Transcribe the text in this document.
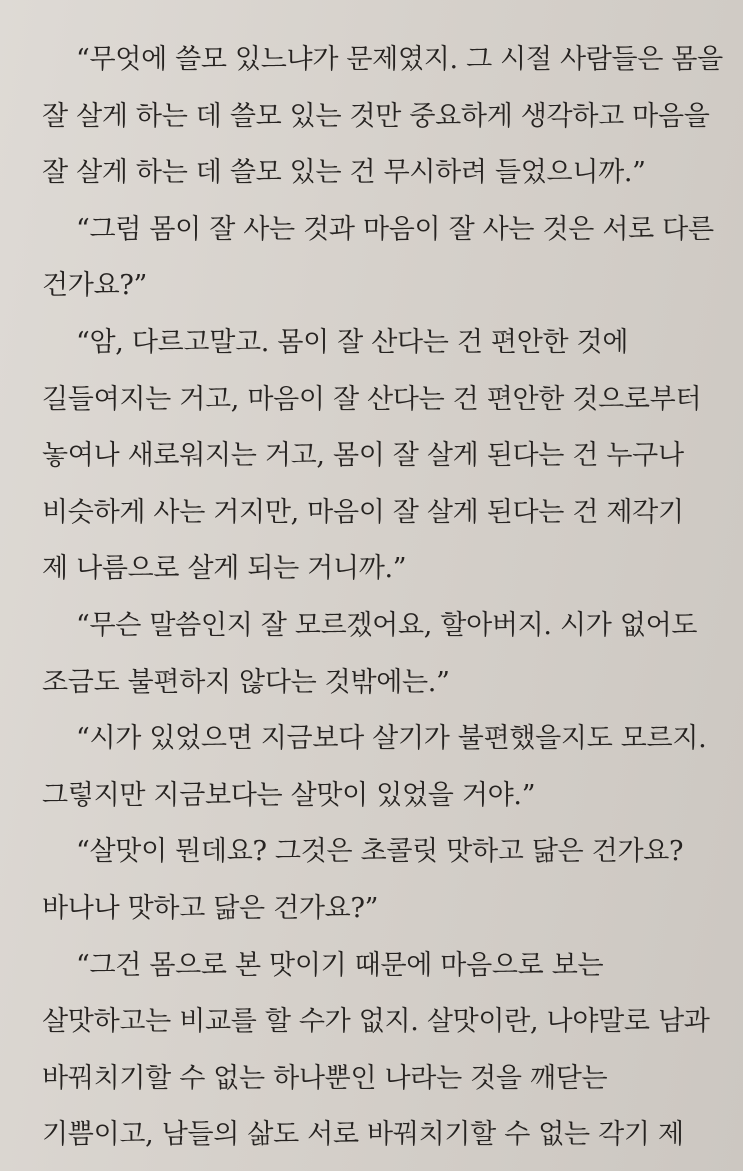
“무엇에 쓸모 있느냐가 문제였지. 그 시절 사람들은 몸을
잘 살게 하는 데 쓸모 있는 것만 중요하게 생각하고 마음을
잘 살게 하는 데 쓸모 있는 건 무시하려 들었으니까.”
“그럼 몸이 잘 사는 것과 마음이 잘 사는 것은 서로 다른
건가요?”
“암, 다르고말고. 몸이 잘 산다는 건 편안한 것에
길들여지는 거고, 마음이 잘 산다는 건 편안한 것으로부터
놓여나 새로워지는 거고, 몸이 잘 살게 된다는 건 누구나
비슷하게 사는 거지만, 마음이 잘 살게 된다는 건 제각기
제 나름으로 살게 되는 거니까.”
“무슨 말씀인지 잘 모르겠어요, 할아버지. 시가 없어도
조금도 불편하지 않다는 것밖에는.”
“시가 있었으면 지금보다 살기가 불편했을지도 모르지.
그렇지만 지금보다는 살맛이 있었을 거야.”
“살맛이 뭔데요? 그것은 초콜릿 맛하고 닮은 건가요?
바나나 맛하고 닮은 건가요?”
“그건 몸으로 본 맛이기 때문에 마음으로 보는
살맛하고는 비교를 할 수가 없지. 살맛이란, 나야말로 남과
바꿔치기할 수 없는 하나뿐인 나라는 것을 깨닫는
기쁨이고, 남들의 삶도 서로 바꿔치기할 수 없는 각기 제
